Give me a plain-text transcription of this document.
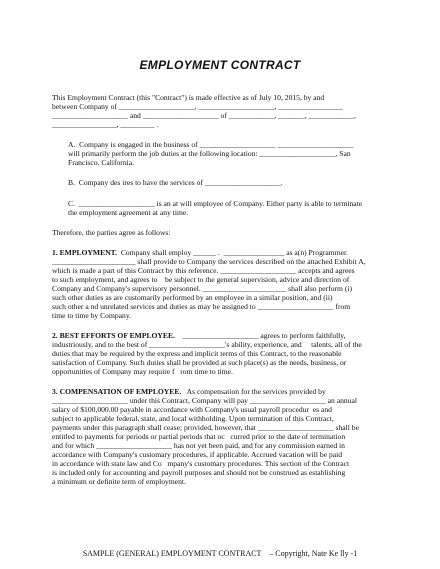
EMPLOYMENT CONTRACT
This Employment Contract (this "Contract") is made effective as of July 10, 2015, by and
between Company of ____________________, ____________________, _________________
____________________ and ____________________ of ____________, _______, ____________,
_________________, _________ .
A.  Company is engaged in the business of ____________________ ____________________
will primarily perform the job duties at the following location: ____________________, San
Francisco, California.
B.  Company des ires to have the services of ____________________.
C.  ____________________ is an at will employee of Company. Either party is able to terminate
the employment agreement at any time.
Therefore, the parties agree as follows:
1. EMPLOYMENT.  Company shall employ ______ .  ________________ as a(n) Programmer.
______________________ shall provide to Company the services described on the attached Exhibit A,
which is made a part of this Contract by this reference. ____________________ accepts and agrees
to such employment, and agrees to    be subject to the general supervision, advice and direction of
Company and Company's supervisory personnel. ______________________ shall also perform (i)
such other duties as are customarily performed by an employee in a similar position, and (ii)
such other a nd unrelated services and duties as may be assigned to ____________________ from
time to time by Company.
2. BEST EFFORTS OF EMPLOYEE.    ____________________ agrees to perform faithfully,
industriously, and to the best of ____________________'s ability, experience, and     talents, all of the
duties that may be required by the express and implicit terms of this Contract, to the reasonable
satisfaction of Company. Such duties shall be provided at such place(s) as the needs, business, or
opportunities of Company may require f   rom time to time.
3. COMPENSATION OF EMPLOYEE.   As compensation for the services provided by
____________________ under this Contract, Company will pay ____________________ an annual
salary of $100,000.00 payable in accordance with Company's usual payroll procedur  es and
subject to applicable federal, state, and local withholding. Upon termination of this Contract,
payments under this paragraph shall cease; provided, however, that ____________________ shall be
entitled to payments for periods or partial periods that oc   curred prior to the date of termination
and for which ____________________ has not yet been paid, and for any commission earned in
accordance with Company's customary procedures, if applicable. Accrued vacation will be paid
in accordance with state law and Co   mpany's customary procedures. This section of the Contract
is included only for accounting and payroll purposes and should not be construed as establishing
a minimum or definite term of employment.
SAMPLE (GENERAL) EMPLOYMENT CONTRACT    – Copyright, Nate Ke lly -1
